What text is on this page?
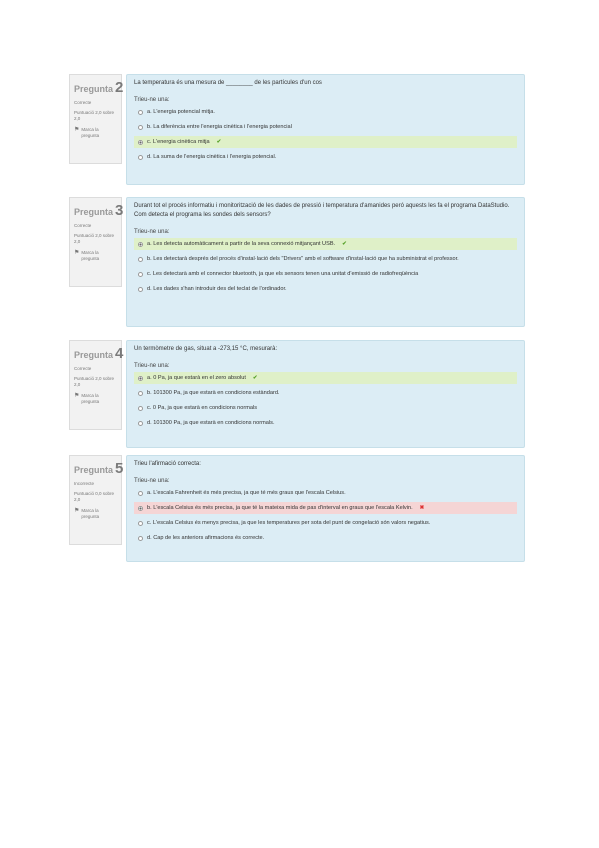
Pregunta 2
Correcte
Puntuació 2,0 sobre 2,0
⚑ Marca la pregunta
La temperatura és una mesura de ________ de les partícules d'un cos
Trieu-ne una:
a. L'energia potencial mitja.
b. La diferència entre l'energia cinètica i l'energia potencial
c. L'energia cinètica mitja ✔
d. La suma de l'energia cinètica i l'energia potencial.
Pregunta 3
Correcte
Puntuació 2,0 sobre 2,0
⚑ Marca la pregunta
Durant tot el procés informatiu i monitorització de les dades de pressió i temperatura d'amanides peró aquests les fa el programa DataStudio. Com detecta el programa les sondes dels sensors?
Trieu-ne una:
a. Les detecta automàticament a partir de la seva connexió mitjançant USB. ✔
b. Les detectarà després del procés d'instal·lació dels "Drivers" amb el software d'instal·lació que ha subministrat el professor.
c. Les detectarà amb el connector bluetooth, ja que els sensors tenen una unitat d'emissió de radiofreqüència
d. Les dades s'han introduir des del teclat de l'ordinador.
Pregunta 4
Correcte
Puntuació 2,0 sobre 2,0
⚑ Marca la pregunta
Un termòmetre de gas, situat a -273,15 °C, mesurarà:
Trieu-ne una:
a. 0 Pa, ja que estarà en el zero absolut ✔
b. 101300 Pa, ja que estarà en condicions estàndard.
c. 0 Pa, ja que estarà en condicions normals
d. 101300 Pa, ja que estarà en condicions normals.
Pregunta 5
Incorrecte
Puntuació 0,0 sobre 2,0
⚑ Marca la pregunta
Trieu l'afirmació correcta:
Trieu-ne una:
a. L'escala Fahrenheit és més precisa, ja que té més graus que l'escala Celsius.
b. L'escala Celsius és més precisa, ja que té la mateixa mida de pas d'interval en graus que l'escala Kelvin. ✖
c. L'escala Celsius és menys precisa, ja que les temperatures per sota del punt de congelació són valors negatius.
d. Cap de les anteriors afirmacions és correcte.
